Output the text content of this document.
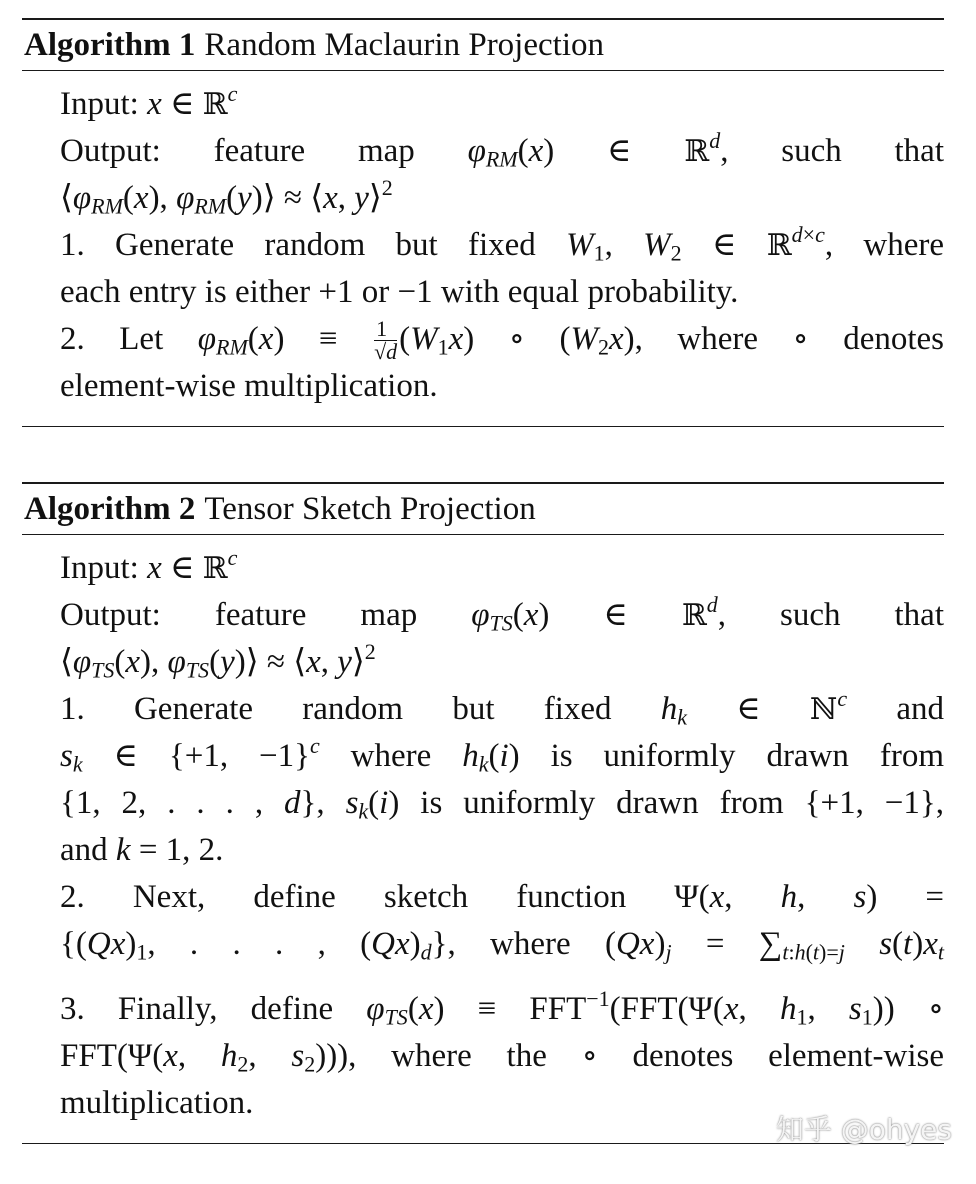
Algorithm 1 Random Maclaurin Projection
Input: x ∈ ℝ$^c$
Output: feature map $\varphi_{RM}(x)$ ∈ ℝ$^d$, such that
$⟨\varphi_{RM}(x)$, $\varphi_{RM}(y)⟩$ ≈ ⟨x, y⟩$^2$
1. Generate random but fixed $W_1$, $W_2$ ∈ ℝ$^{d\times c}$, where
each entry is either +1 or −1 with equal probability.
2. Let $\varphi_{RM}(x) \equiv \frac{1}{√d} (W_1x)$ ∘ $(W_2x)$, where ∘ denotes
element-wise multiplication.
Algorithm 2 Tensor Sketch Projection
Input: x ∈ ℝ$^c$
Output: feature map $\varphi_{TS}(x)$ ∈ ℝ$^d$, such that
$⟨\varphi_{TS}(x)$, $\varphi_{TS}(y)⟩$ ≈ ⟨x, y⟩$^2$
1. Generate random but fixed $h_k$ ∈ ℕ$^c$ and
$s_k$ ∈ {+1, −1}$^c$ where $h_k(i)$ is uniformly drawn from
{1, 2, . . . , d}, $s_k(i)$ is uniformly drawn from {+1, −1},
and k = 1, 2.
2. Next, define sketch function Ψ(x, h, s) =
{$(Qx)_1$, . . . , $(Qx)_d$}, where $(Qx)_j = \sum_{t:h(t)=j}$ $s(t)x_t$
3. Finally, define $\varphi_{TS}(x) \equiv FFT^{-1}(FFT(\Psi(x$, $h_1$, $s_1$)) ∘
FFT(Ψ(x, $h_2$, $s_2$))), where the ∘ denotes element-wise
multiplication.
知乎 @ohyes
